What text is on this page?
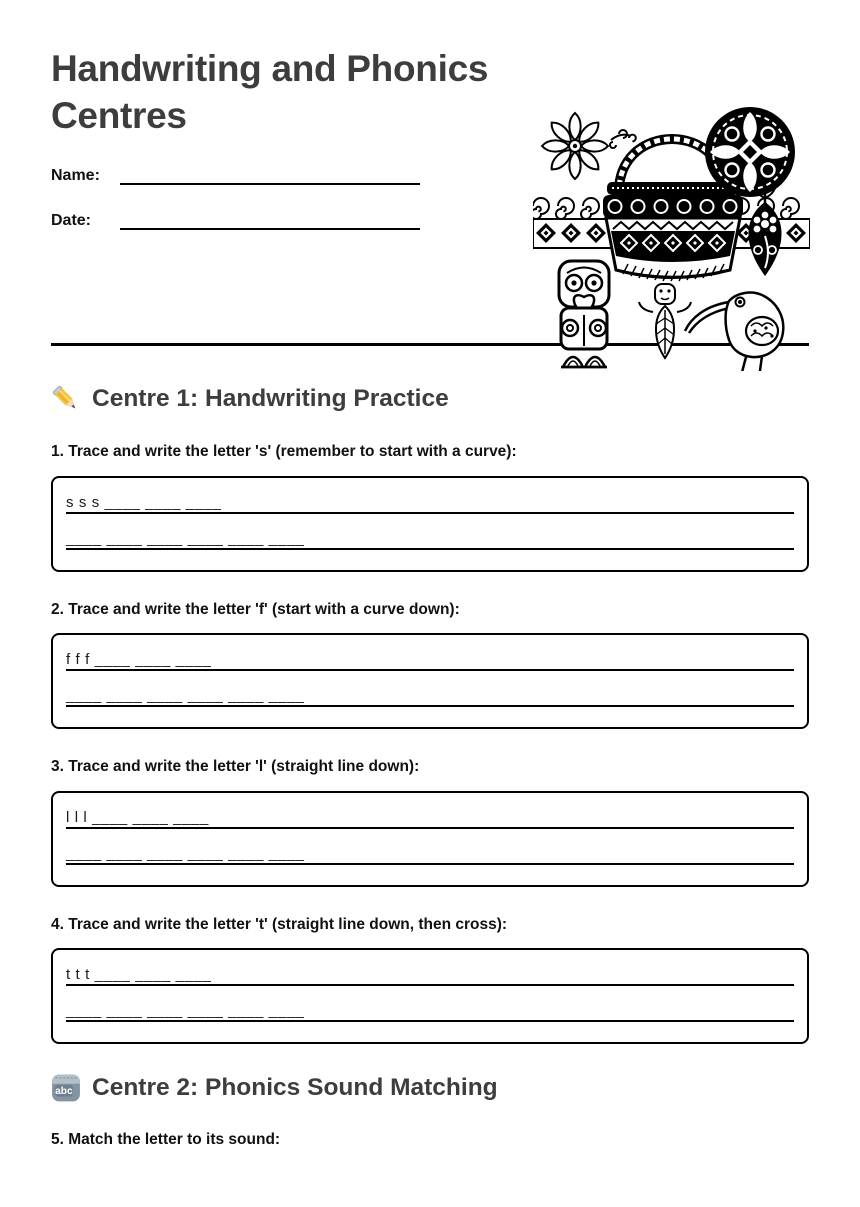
Handwriting and Phonics Centres
Name:
Date:
Centre 1: Handwriting Practice
1. Trace and write the letter 's' (remember to start with a curve):
s s s ____ ____ ____
____ ____ ____ ____ ____ ____
2. Trace and write the letter 'f' (start with a curve down):
f f f ____ ____ ____
____ ____ ____ ____ ____ ____
3. Trace and write the letter 'l' (straight line down):
l l l ____ ____ ____
____ ____ ____ ____ ____ ____
4. Trace and write the letter 't' (straight line down, then cross):
t t t ____ ____ ____
____ ____ ____ ____ ____ ____
abc Centre 2: Phonics Sound Matching
5. Match the letter to its sound:
